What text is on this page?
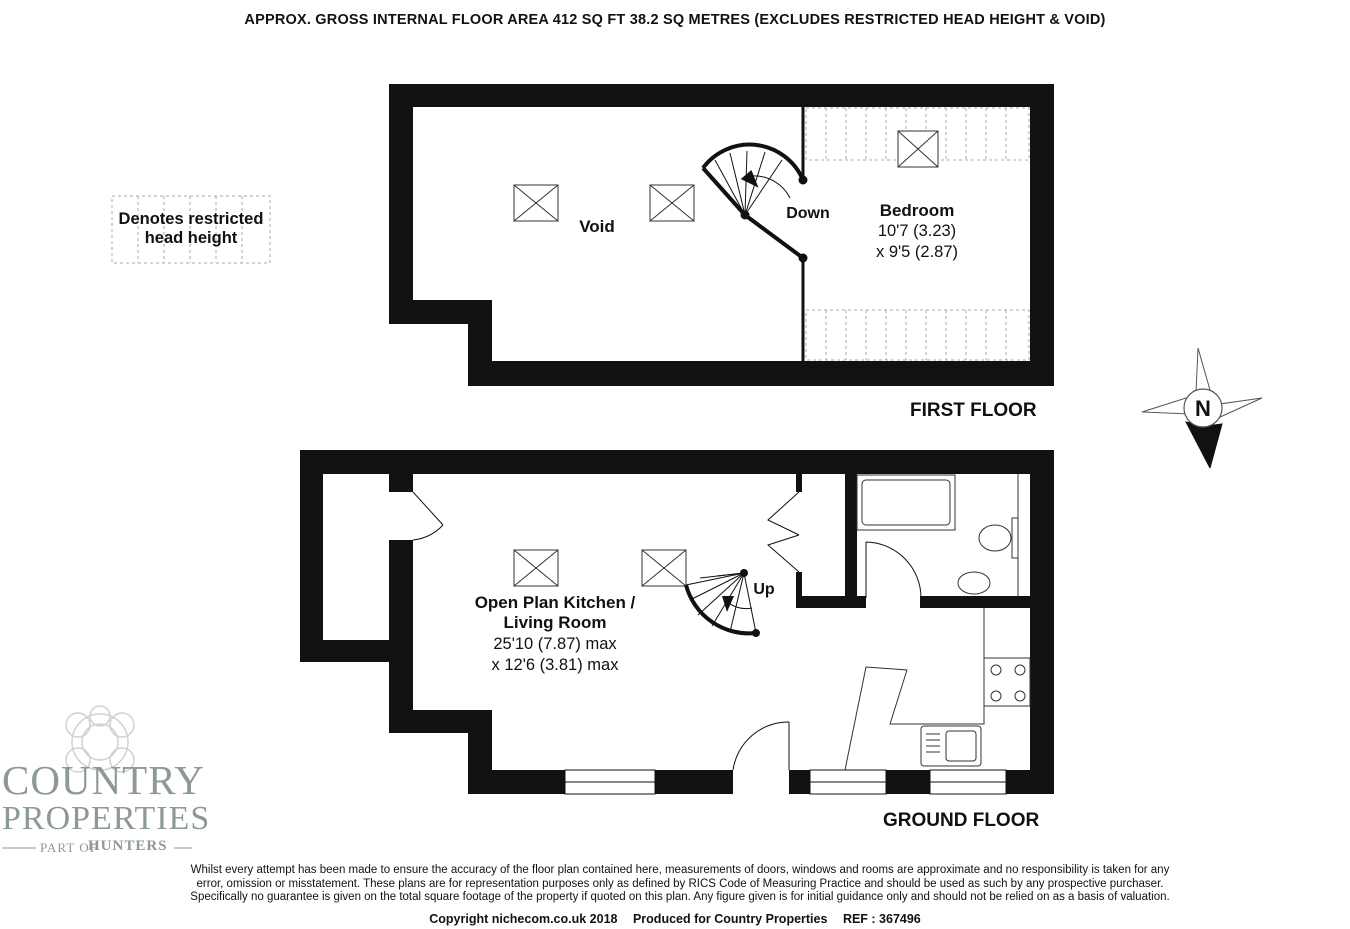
APPROX. GROSS INTERNAL FLOOR AREA 412 SQ FT 38.2 SQ METRES (EXCLUDES RESTRICTED HEAD HEIGHT & VOID)
Void
Down	Bedroom
10'7 (3.23)
x 9'5 (2.87)
FIRST FLOOR
Up
Open Plan Kitchen /
Living Room
25'10 (7.87) max
x 12'6 (3.81) max
GROUND FLOOR
N
Denotes restricted
head height
COUNTRY
PROPERTIES
PART OF
HUNTERS
Whilst every attempt has been made to ensure the accuracy of the floor plan contained here, measurements of doors, windows and rooms are approximate and no responsibility is taken for any
error, omission or misstatement. These plans are for representation purposes only as defined by RICS Code of Measuring Practice and should be used as such by any prospective purchaser.
Specifically no guarantee is given on the total square footage of the property if quoted on this plan. Any figure given is for initial guidance only and should not be relied on as a basis of valuation.
Copyright nichecom.co.uk 2018 Produced for Country Properties REF : 367496
